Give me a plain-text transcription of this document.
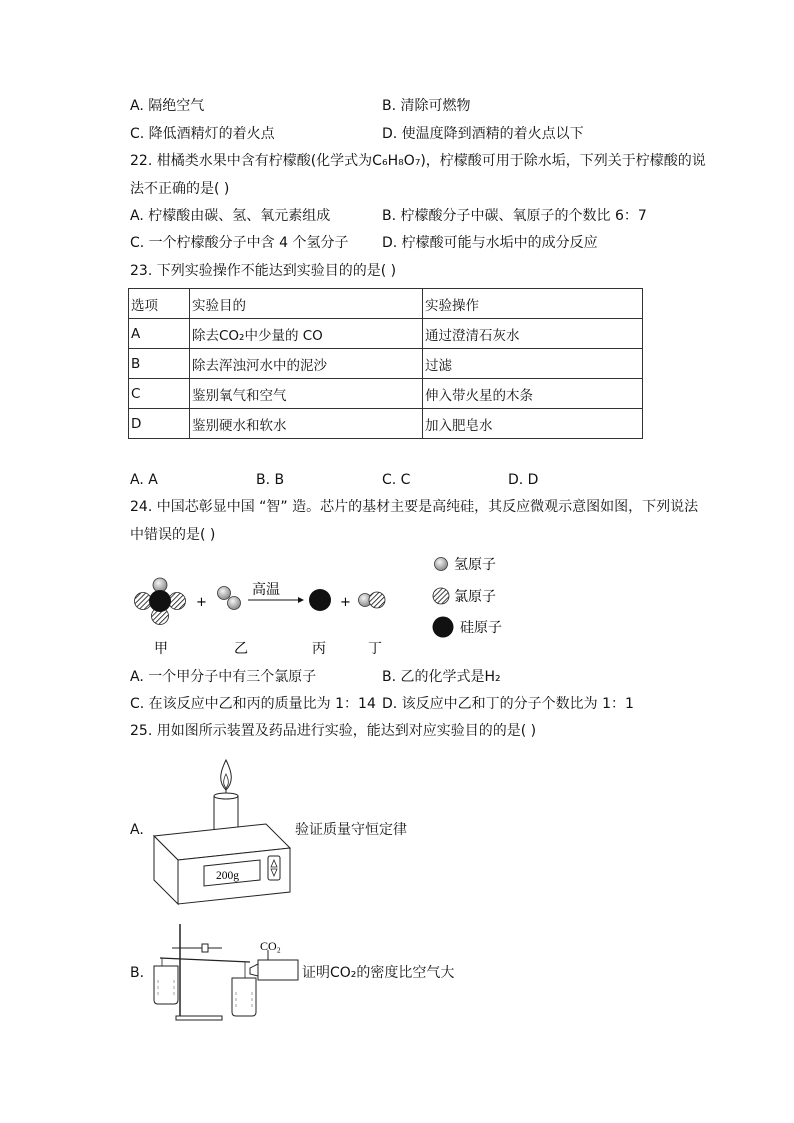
A. 隔绝空气	B. 清除可燃物
C. 降低酒精灯的着火点	D. 使温度降到酒精的着火点以下
22. 柑橘类水果中含有柠檬酸(化学式为C₆H₈O₇)，柠檬酸可用于除水垢，下列关于柠檬酸的说
法不正确的是( )
A. 柠檬酸由碳、氢、氧元素组成	B. 柠檬酸分子中碳、氧原子的个数比 6：7
C. 一个柠檬酸分子中含 4 个氢分子 D. 柠檬酸可能与水垢中的成分反应
23. 下列实验操作不能达到实验目的的是( )
选项	实验目的	实验操作
A	除去CO₂中少量的 CO	通过澄清石灰水
B	除去浑浊河水中的泥沙	过滤
C	鉴别氧气和空气	伸入带火星的木条
D	鉴别硬水和软水	加入肥皂水
A. A	B. B	C. C	D. D
24. 中国芯彰显中国 “智” 造。芯片的基材主要是高纯硅，其反应微观示意图如图，下列说法
中错误的是( )
+
高温
+
甲	乙	丙	丁
氢原子
氯原子
硅原子
A. 一个甲分子中有三个氯原子	B. 乙的化学式是H₂
C. 在该反应中乙和丙的质量比为 1：14 D. 该反应中乙和丁的分子个数比为 1：1
25. 用如图所示装置及药品进行实验，能达到对应实验目的的是( )
A.
200g
验证质量守恒定律
B.
CO₂
证明CO₂的密度比空气大
